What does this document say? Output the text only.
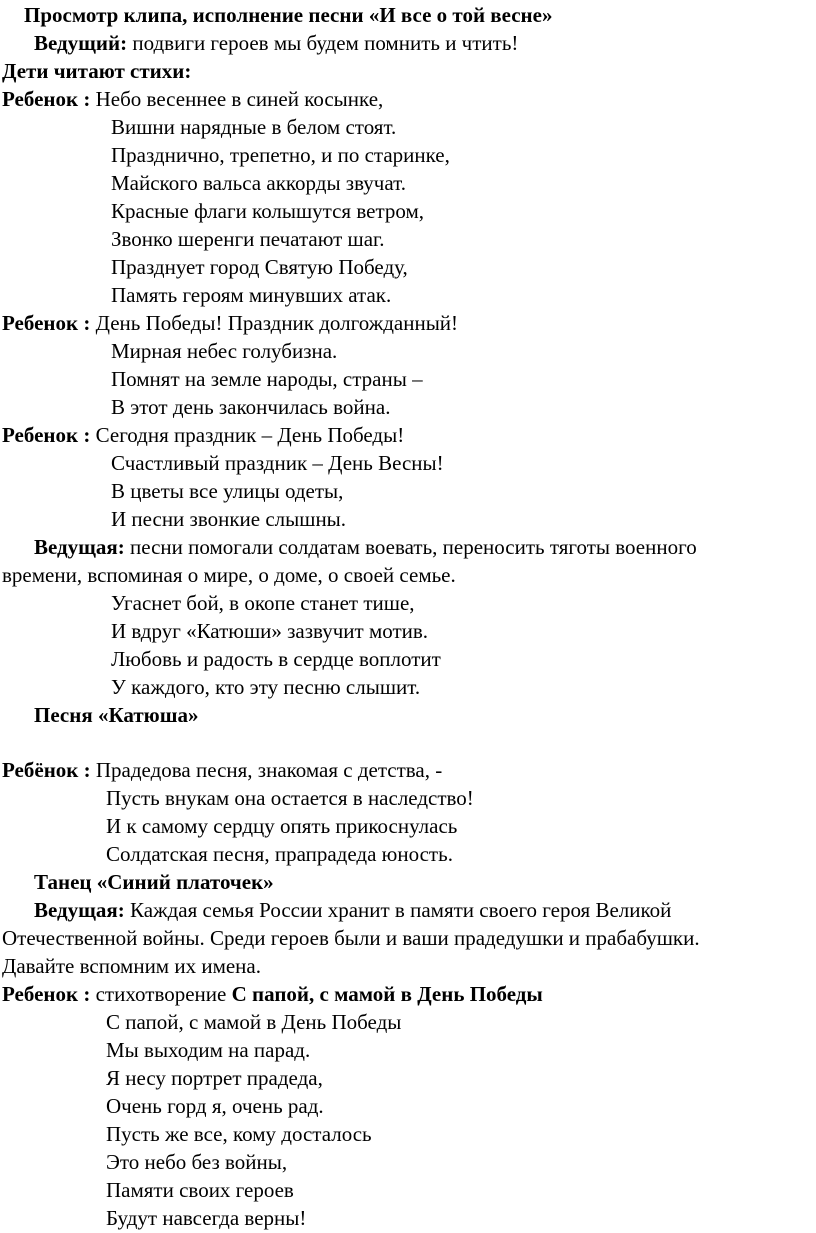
Просмотр клипа, исполнение песни «И все о той весне»

Ведущий: подвиги героев мы будем помнить и чтить!

Дети читают стихи:

Ребенок : Небо весеннее в синей косынке,

Вишни нарядные в белом стоят.

Празднично, трепетно, и по старинке,

Майского вальса аккорды звучат.

Красные флаги колышутся ветром,

Звонко шеренги печатают шаг.

Празднует город Святую Победу,

Память героям минувших атак.

Ребенок : День Победы! Праздник долгожданный!

Мирная небес голубизна.

Помнят на земле народы, страны –

В этот день закончилась война.

Ребенок : Сегодня праздник – День Победы!

Счастливый праздник – День Весны!

В цветы все улицы одеты,

И песни звонкие слышны.

Ведущая: песни помогали солдатам воевать, переносить тяготы военного

времени, вспоминая о мире, о доме, о своей семье.

Угаснет бой, в окопе станет тише,

И вдруг «Катюши» зазвучит мотив.

Любовь и радость в сердце воплотит

У каждого, кто эту песню слышит.

Песня «Катюша»

Ребёнок : Прадедова песня, знакомая с детства, -

Пусть внукам она остается в наследство!

И к самому сердцу опять прикоснулась

Солдатская песня, прапрадеда юность.

Танец «Синий платочек»

Ведущая: Каждая семья России хранит в памяти своего героя Великой

Отечественной войны. Среди героев были и ваши прадедушки и прабабушки.

Давайте вспомним их имена.

Ребенок : стихотворение С папой, с мамой в День Победы

С папой, с мамой в День Победы

Мы выходим на парад.

Я несу портрет прадеда,

Очень горд я, очень рад.

Пусть же все, кому досталось

Это небо без войны,

Памяти своих героев

Будут навсегда верны!
